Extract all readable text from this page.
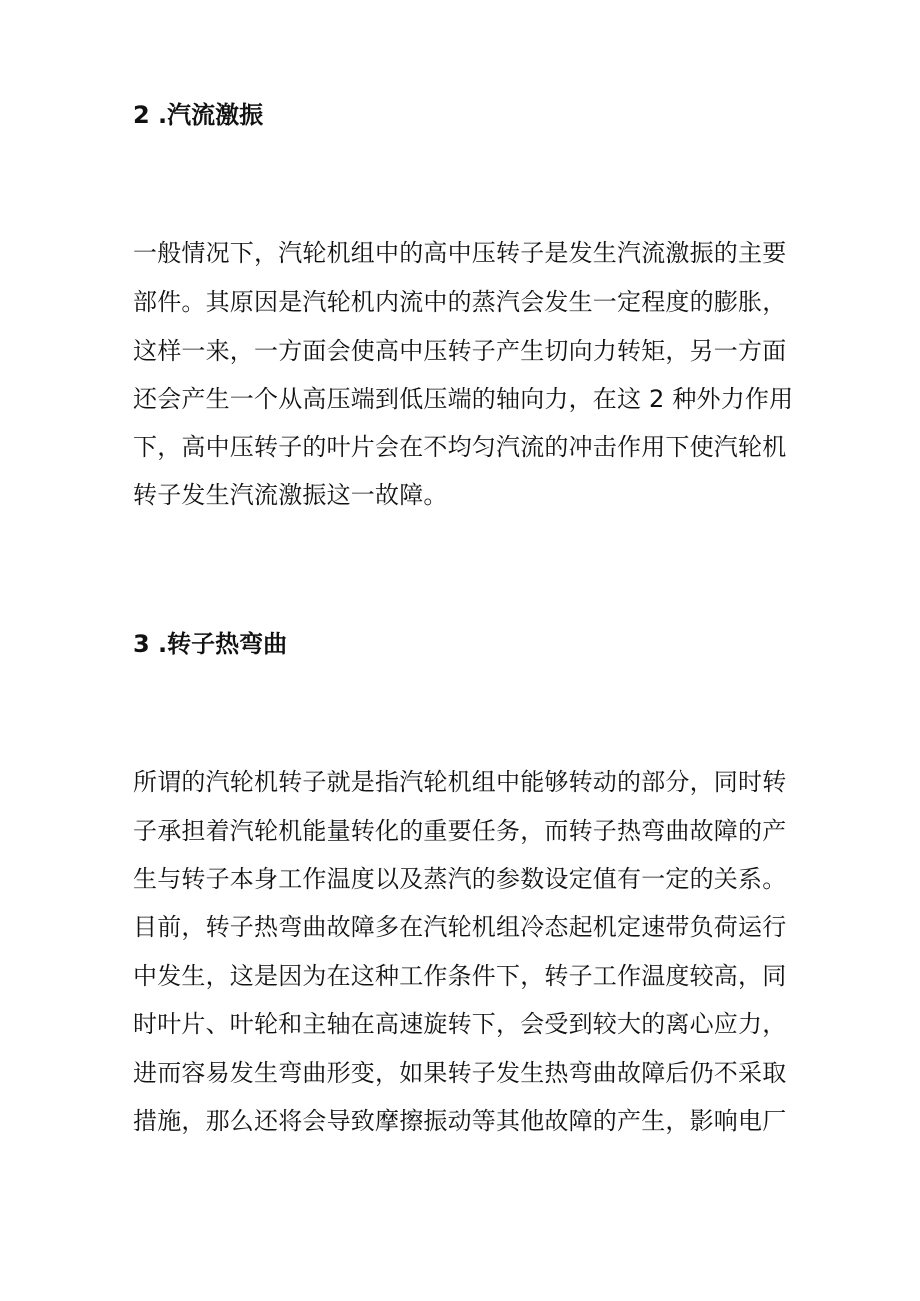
2 .汽流激振
一般情况下，汽轮机组中的高中压转子是发生汽流激振的主要
部件。其原因是汽轮机内流中的蒸汽会发生一定程度的膨胀，
这样一来，一方面会使高中压转子产生切向力转矩，另一方面
还会产生一个从高压端到低压端的轴向力，在这 2 种外力作用
下，高中压转子的叶片会在不均匀汽流的冲击作用下使汽轮机
转子发生汽流激振这一故障。
3 .转子热弯曲
所谓的汽轮机转子就是指汽轮机组中能够转动的部分，同时转
子承担着汽轮机能量转化的重要任务，而转子热弯曲故障的产
生与转子本身工作温度以及蒸汽的参数设定值有一定的关系。
目前，转子热弯曲故障多在汽轮机组冷态起机定速带负荷运行
中发生，这是因为在这种工作条件下，转子工作温度较高，同
时叶片、叶轮和主轴在高速旋转下，会受到较大的离心应力，
进而容易发生弯曲形变，如果转子发生热弯曲故障后仍不采取
措施，那么还将会导致摩擦振动等其他故障的产生，影响电厂
